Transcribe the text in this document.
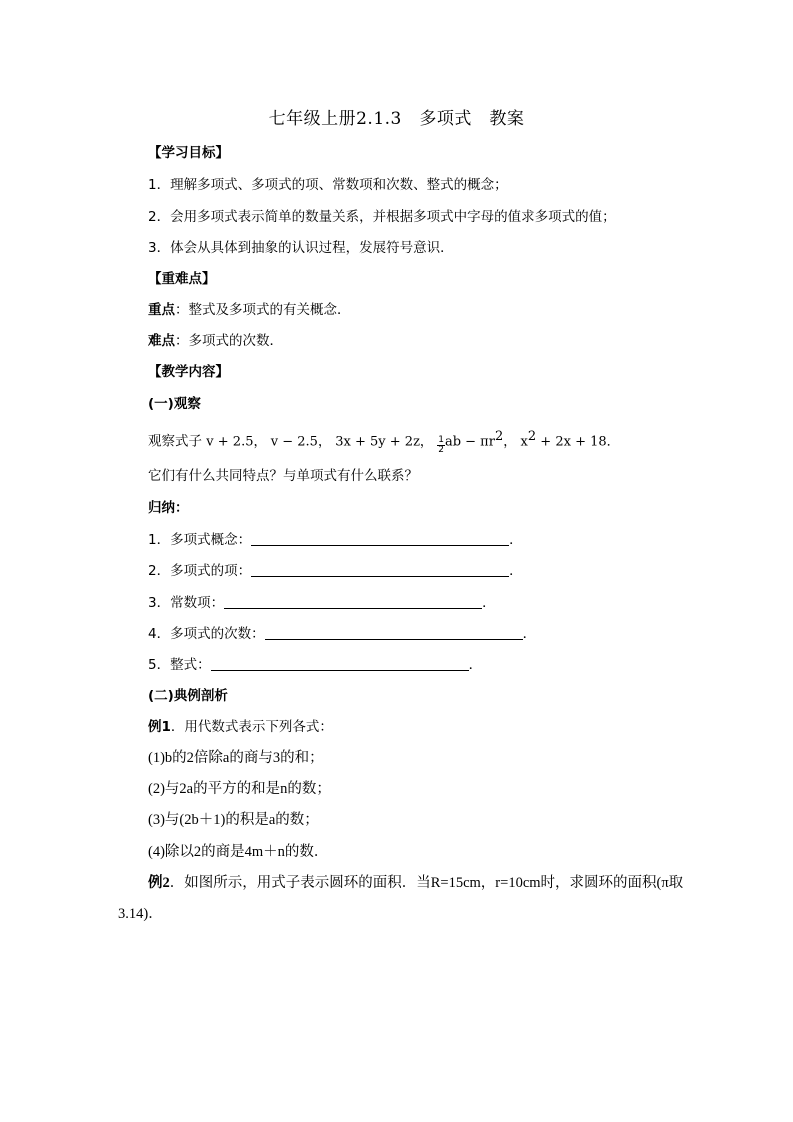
七年级上册2.1.3　多项式　教案
【学习目标】
1．理解多项式、多项式的项、常数项和次数、整式的概念；
2．会用多项式表示简单的数量关系，并根据多项式中字母的值求多项式的值；
3．体会从具体到抽象的认识过程，发展符号意识．
【重难点】
重点：整式及多项式的有关概念．
难点：多项式的次数．
【教学内容】
(一)观察
观察式子 v + 2.5， v − 2.5， 3x + 5y + 2z， $\frac{1}{2}$ ab − $\pi r^2$， $x^2 + 2x + 18$．
它们有什么共同特点？与单项式有什么联系？
归纳：
1．多项式概念：	．
2．多项式的项：	．
3．常数项：	．
4．多项式的次数：	．
5．整式：	．
(二)典例剖析
例1．用代数式表示下列各式：
(1)b的2倍除a的商与3的和；
(2)与2a的平方的和是n的数；
(3)与(2b＋1)的积是a的数；
(4)除以2的商是4m＋n的数．
例2．如图所示，用式子表示圆环的面积．当R=15cm，r=10cm时，求圆环的面积(π取
3.14)．
